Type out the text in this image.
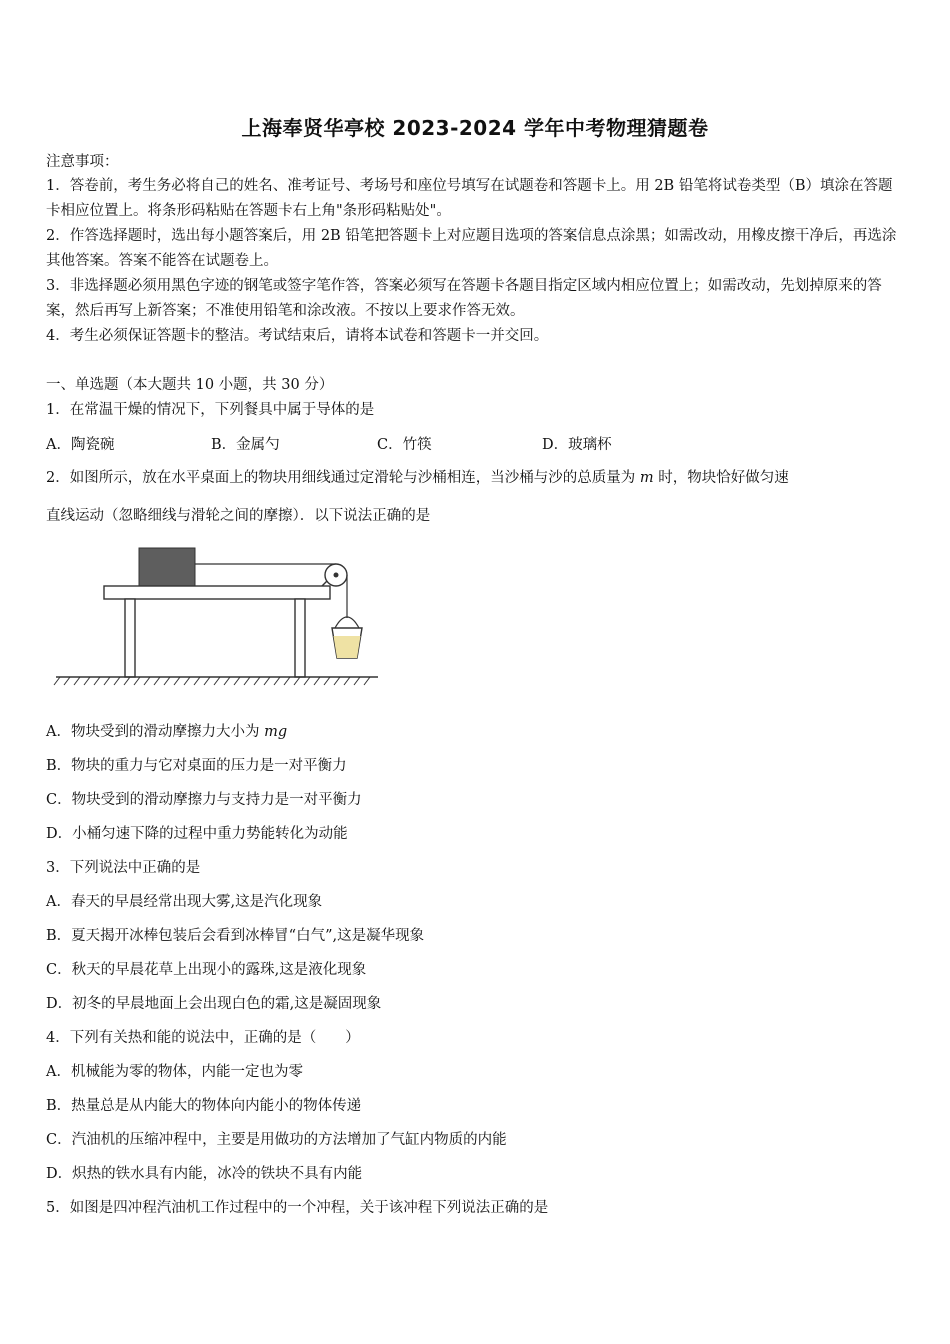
上海奉贤华亭校 2023-2024 学年中考物理猜题卷
注意事项：
1．答卷前，考生务必将自己的姓名、准考证号、考场号和座位号填写在试题卷和答题卡上。用 2B 铅笔将试卷类型（B）填涂在答题卡相应位置上。将条形码粘贴在答题卡右上角"条形码粘贴处"。
2．作答选择题时，选出每小题答案后，用 2B 铅笔把答题卡上对应题目选项的答案信息点涂黑；如需改动，用橡皮擦干净后，再选涂其他答案。答案不能答在试题卷上。
3．非选择题必须用黑色字迹的钢笔或签字笔作答，答案必须写在答题卡各题目指定区域内相应位置上；如需改动，先划掉原来的答案，然后再写上新答案；不准使用铅笔和涂改液。不按以上要求作答无效。
4．考生必须保证答题卡的整洁。考试结束后，请将本试卷和答题卡一并交回。
一、单选题（本大题共 10 小题，共 30 分）
1．在常温干燥的情况下，下列餐具中属于导体的是
A．陶瓷碗	B．金属勺	C．竹筷	D．玻璃杯
2．如图所示，放在水平桌面上的物块用细线通过定滑轮与沙桶相连，当沙桶与沙的总质量为 m 时，物块恰好做匀速
直线运动（忽略细线与滑轮之间的摩擦）．以下说法正确的是
A．物块受到的滑动摩擦力大小为 mg
B．物块的重力与它对桌面的压力是一对平衡力
C．物块受到的滑动摩擦力与支持力是一对平衡力
D．小桶匀速下降的过程中重力势能转化为动能
3．下列说法中正确的是
A．春天的早晨经常出现大雾,这是汽化现象
B．夏天揭开冰棒包装后会看到冰棒冒“白气”,这是凝华现象
C．秋天的早晨花草上出现小的露珠,这是液化现象
D．初冬的早晨地面上会出现白色的霜,这是凝固现象
4．下列有关热和能的说法中，正确的是（　　）
A．机械能为零的物体，内能一定也为零
B．热量总是从内能大的物体向内能小的物体传递
C．汽油机的压缩冲程中，主要是用做功的方法增加了气缸内物质的内能
D．炽热的铁水具有内能，冰冷的铁块不具有内能
5．如图是四冲程汽油机工作过程中的一个冲程，关于该冲程下列说法正确的是
